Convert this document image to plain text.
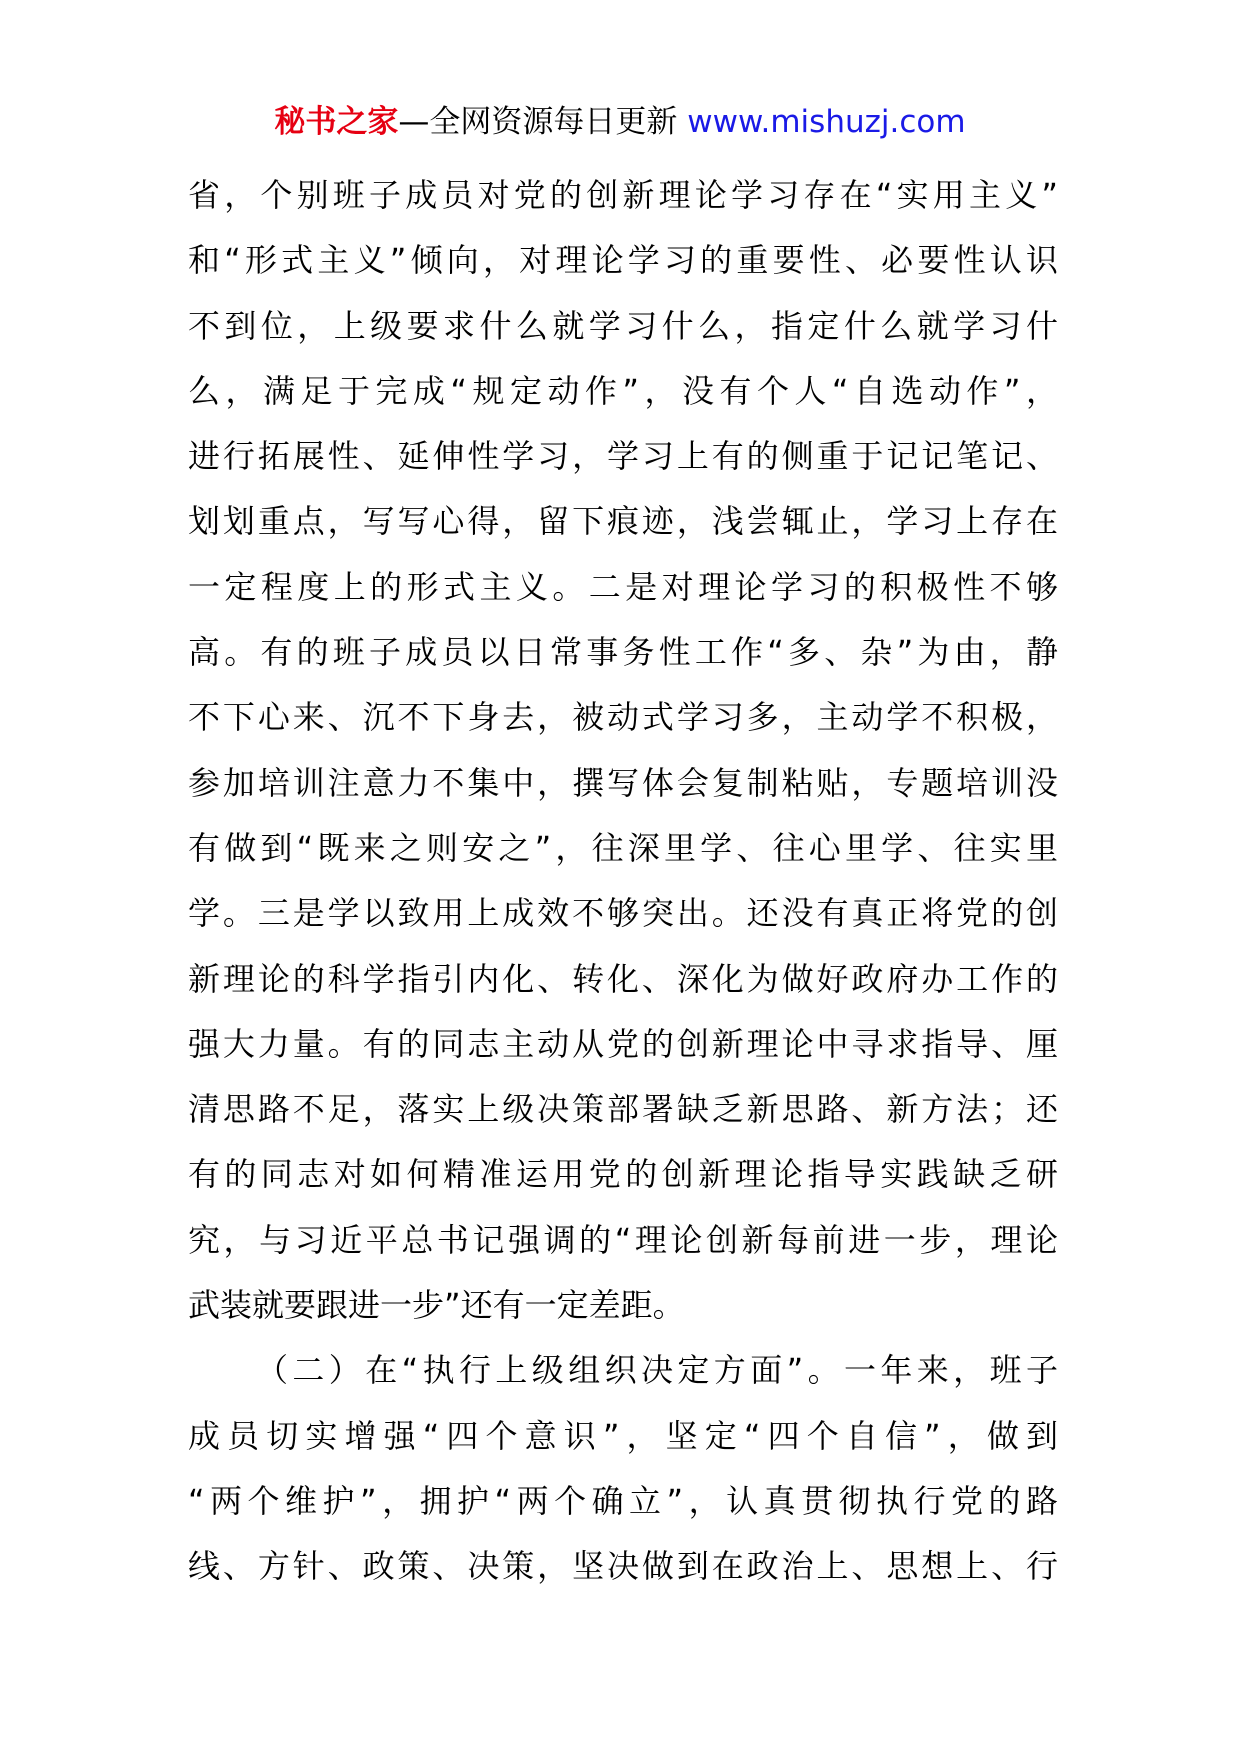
秘书之家—全网资源每日更新 www.mishuzj.com
省，个别班子成员对党的创新理论学习存在“实用主义”
和“形式主义”倾向，对理论学习的重要性、必要性认识
不到位，上级要求什么就学习什么，指定什么就学习什
么，满足于完成“规定动作”，没有个人“自选动作”，
进行拓展性、延伸性学习，学习上有的侧重于记记笔记、
划划重点，写写心得，留下痕迹，浅尝辄止，学习上存在
一定程度上的形式主义。二是对理论学习的积极性不够
高。有的班子成员以日常事务性工作“多、杂”为由，静
不下心来、沉不下身去，被动式学习多，主动学不积极，
参加培训注意力不集中，撰写体会复制粘贴，专题培训没
有做到“既来之则安之”，往深里学、往心里学、往实里
学。三是学以致用上成效不够突出。还没有真正将党的创
新理论的科学指引内化、转化、深化为做好政府办工作的
强大力量。有的同志主动从党的创新理论中寻求指导、厘
清思路不足，落实上级决策部署缺乏新思路、新方法；还
有的同志对如何精准运用党的创新理论指导实践缺乏研
究，与习近平总书记强调的“理论创新每前进一步，理论
武装就要跟进一步”还有一定差距。
（二）在“执行上级组织决定方面”。一年来，班子
成员切实增强“四个意识”，坚定“四个自信”，做到
“两个维护”，拥护“两个确立”，认真贯彻执行党的路
线、方针、政策、决策，坚决做到在政治上、思想上、行
